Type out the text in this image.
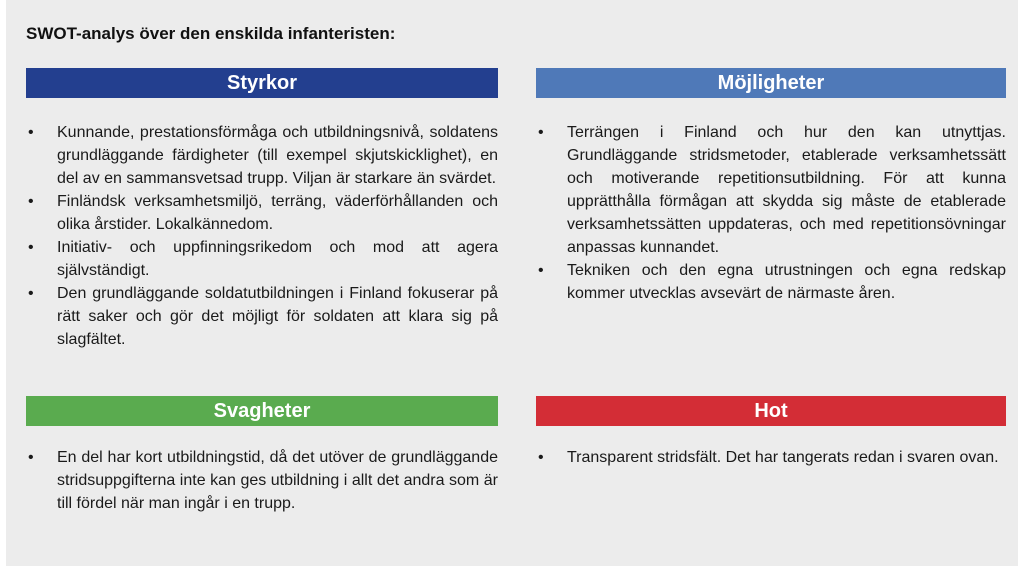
SWOT-analys över den enskilda infanteristen:
Styrkor
• Kunnande, prestationsförmåga och utbildningsnivå, soldatens grundläggande färdigheter (till exempel skjutskicklighet), en del av en sammansvetsad trupp. Viljan är starkare än svärdet.
• Finländsk verksamhetsmiljö, terräng, väderförhållanden och olika årstider. Lokalkännedom.
• Initiativ- och uppfinningsrikedom och mod att agera självständigt.
• Den grundläggande soldatutbildningen i Finland fokuserar på rätt saker och gör det möjligt för soldaten att klara sig på slagfältet.
Möjligheter
• Terrängen i Finland och hur den kan utnyttjas. Grundläggande stridsmetoder, etablerade verksamhetssätt och motiverande repetitionsutbildning. För att kunna upprätthålla förmågan att skydda sig måste de etablerade verksamhetssätten uppdateras, och med repetitionsövningar anpassas kunnandet.
• Tekniken och den egna utrustningen och egna redskap kommer utvecklas avsevärt de närmaste åren.
Svagheter
• En del har kort utbildningstid, då det utöver de grundläggande stridsuppgifterna inte kan ges utbildning i allt det andra som är till fördel när man ingår i en trupp.
Hot
• Transparent stridsfält. Det har tangerats redan i svaren ovan.
